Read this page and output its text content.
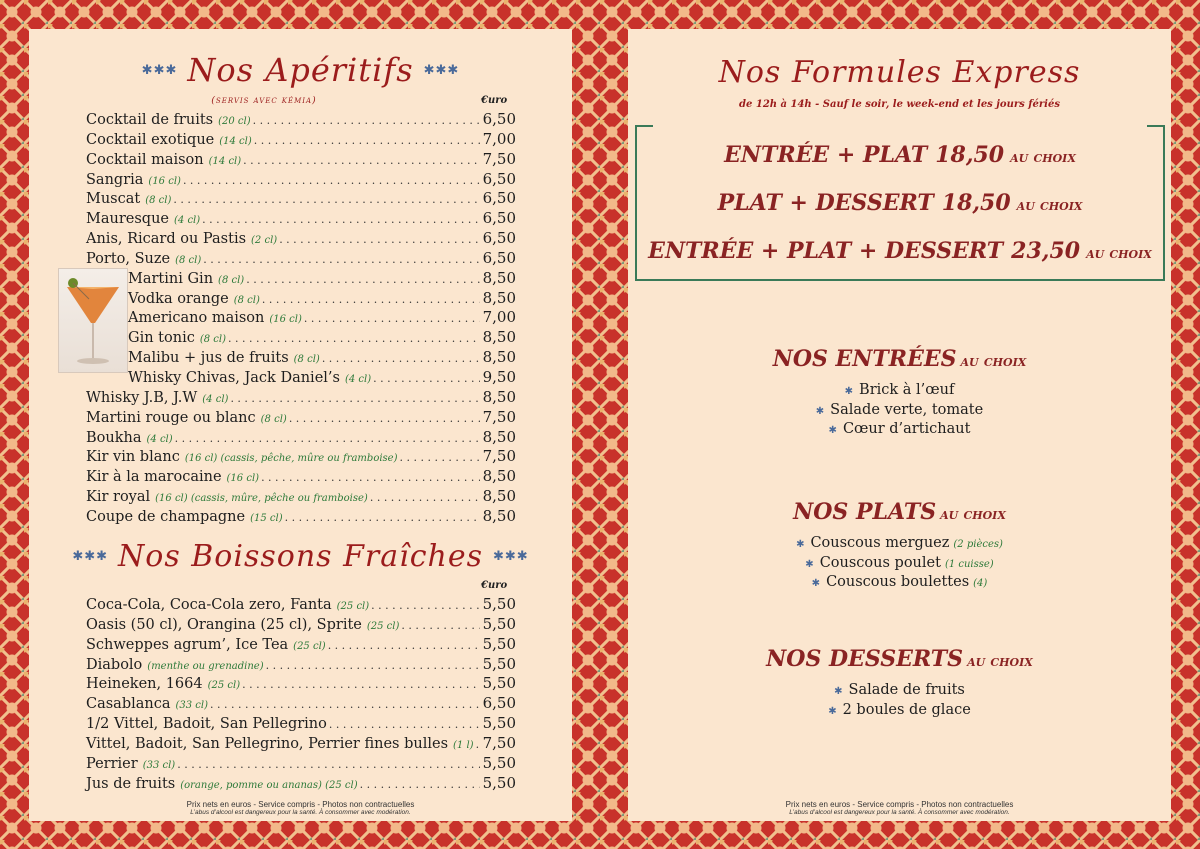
✱✱✱ Nos Apéritifs ✱✱✱
(servis avec kémia)	€uro
Cocktail de fruits (20 cl) . . .	6,50
Cocktail exotique (14 cl) . . .	7,00
Cocktail maison (14 cl) . . .	7,50
Sangria (16 cl) . . .	6,50
Muscat (8 cl) . . .	6,50
Mauresque (4 cl) . . .	6,50
Anis, Ricard ou Pastis (2 cl) . . .	6,50
Porto, Suze (8 cl) . . .	6,50
Martini Gin (8 cl) . . .	8,50
Vodka orange (8 cl) . . .	8,50
Americano maison (16 cl) . . .	7,00
Gin tonic (8 cl) . . .	8,50
Malibu + jus de fruits (8 cl) . . .	8,50
Whisky Chivas, Jack Daniel’s (4 cl) . . .	9,50
Whisky J.B, J.W (4 cl) . . .	8,50
Martini rouge ou blanc (8 cl) . . .	7,50
Boukha (4 cl) . . .	8,50
Kir vin blanc (16 cl) (cassis, pêche, mûre ou framboise) . . .	7,50
Kir à la marocaine (16 cl) . . .	8,50
Kir royal (16 cl) (cassis, mûre, pêche ou framboise) . . .	8,50
Coupe de champagne (15 cl) . . .	8,50
✱✱✱ Nos Boissons Fraîches ✱✱✱
€uro
Coca-Cola, Coca-Cola zero, Fanta (25 cl) . . .	5,50
Oasis (50 cl), Orangina (25 cl), Sprite (25 cl) . . .	5,50
Schweppes agrum’, Ice Tea (25 cl) . . .	5,50
Diabolo (menthe ou grenadine) . . .	5,50
Heineken, 1664 (25 cl) . . .	5,50
Casablanca (33 cl) . . .	6,50
1/2 Vittel, Badoit, San Pellegrino . . .	5,50
Vittel, Badoit, San Pellegrino, Perrier fines bulles (1 l) . . . 7,50
Perrier (33 cl) . . .	5,50
Jus de fruits (orange, pomme ou ananas) (25 cl) . . .	5,50
Prix nets en euros - Service compris - Photos non contractuelles
L’abus d’alcool est dangereux pour la santé. À consommer avec modération.
Nos Formules Express
de 12h à 14h - Sauf le soir, le week-end et les jours fériés
ENTRÉE + PLAT 18,50 au choix
PLAT + DESSERT 18,50 au choix
ENTRÉE + PLAT + DESSERT 23,50 au choix
NOS ENTRÉES au choix
✱ Brick à l’œuf
✱ Salade verte, tomate
✱ Cœur d’artichaut
NOS PLATS au choix
✱ Couscous merguez (2 pièces)
✱ Couscous poulet (1 cuisse)
✱ Couscous boulettes (4)
NOS DESSERTS au choix
✱ Salade de fruits
✱ 2 boules de glace
Prix nets en euros - Service compris - Photos non contractuelles
L’abus d’alcool est dangereux pour la santé. À consommer avec modération.
